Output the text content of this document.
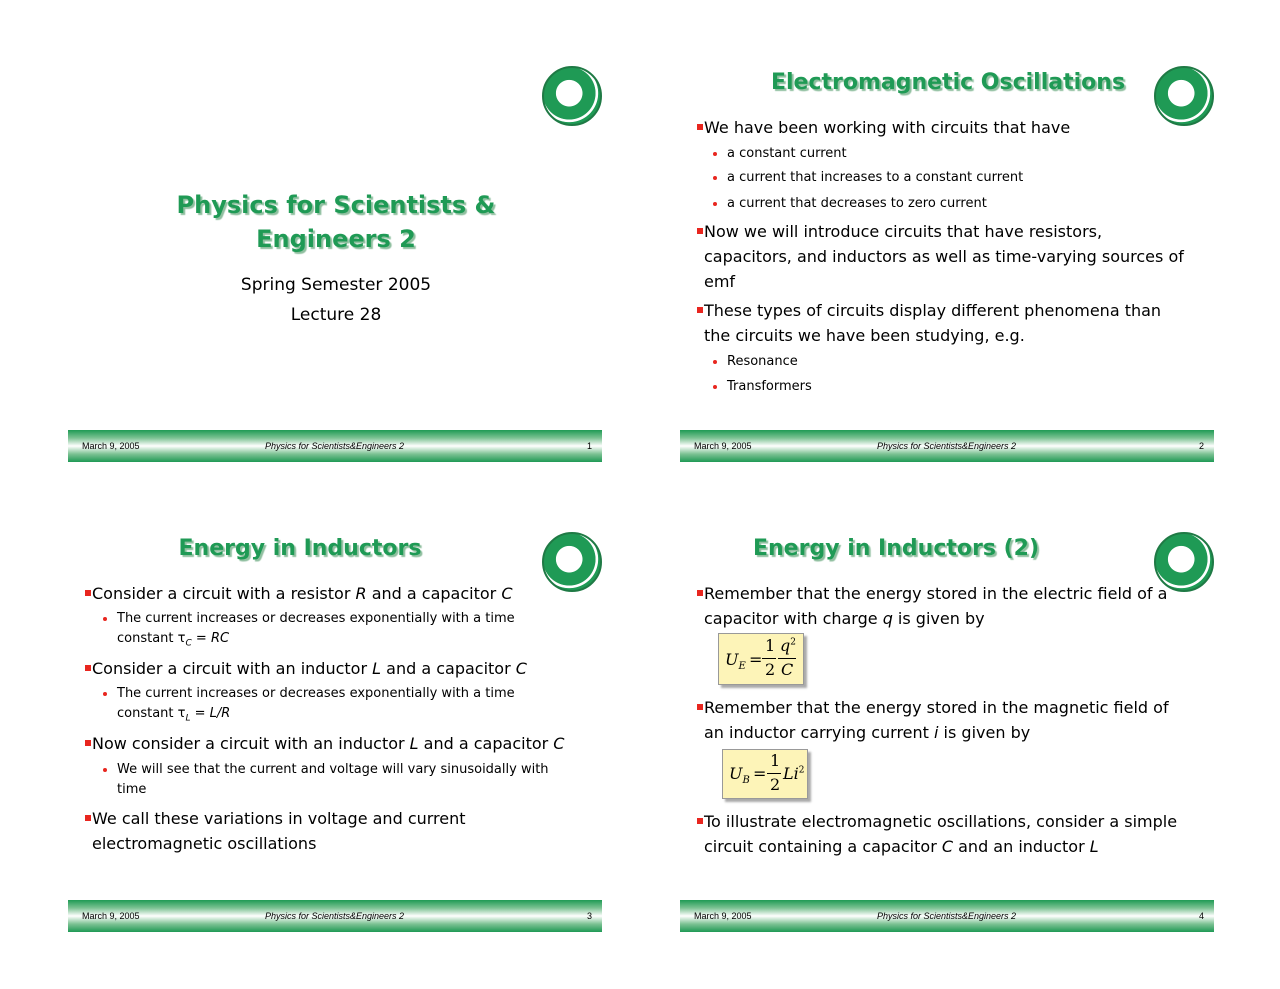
Physics for Scientists &
Engineers 2
Spring Semester 2005
Lecture 28
March 9, 2005	Physics for Scientists&Engineers 2	1
Electromagnetic Oscillations
We have been working with circuits that have
a constant current
a current that increases to a constant current
a current that decreases to zero current
Now we will introduce circuits that have resistors,
capacitors, and inductors as well as time-varying sources of
emf
These types of circuits display different phenomena than
the circuits we have been studying, e.g.
Resonance
Transformers
March 9, 2005	Physics for Scientists&Engineers 2	2
Energy in Inductors
Consider a circuit with a resistor R and a capacitor C
The current increases or decreases exponentially with a time
constant $\tau_C$ = RC
Consider a circuit with an inductor L and a capacitor C
The current increases or decreases exponentially with a time
constant $\tau_L = L/R$
Now consider a circuit with an inductor L and a capacitor C
We will see that the current and voltage will vary sinusoidally with
time
We call these variations in voltage and current
electromagnetic oscillations
March 9, 2005	Physics for Scientists&Engineers 2	3
Energy in Inductors (2)
Remember that the energy stored in the electric field of a
capacitor with charge q is given by
$U_E$ =
1
2
$q^2$
C
Remember that the energy stored in the magnetic field of
an inductor carrying current i is given by
$U_B$ =
1
2
Li$^2$
To illustrate electromagnetic oscillations, consider a simple
circuit containing a capacitor C and an inductor L
March 9, 2005	Physics for Scientists&Engineers 2	4
